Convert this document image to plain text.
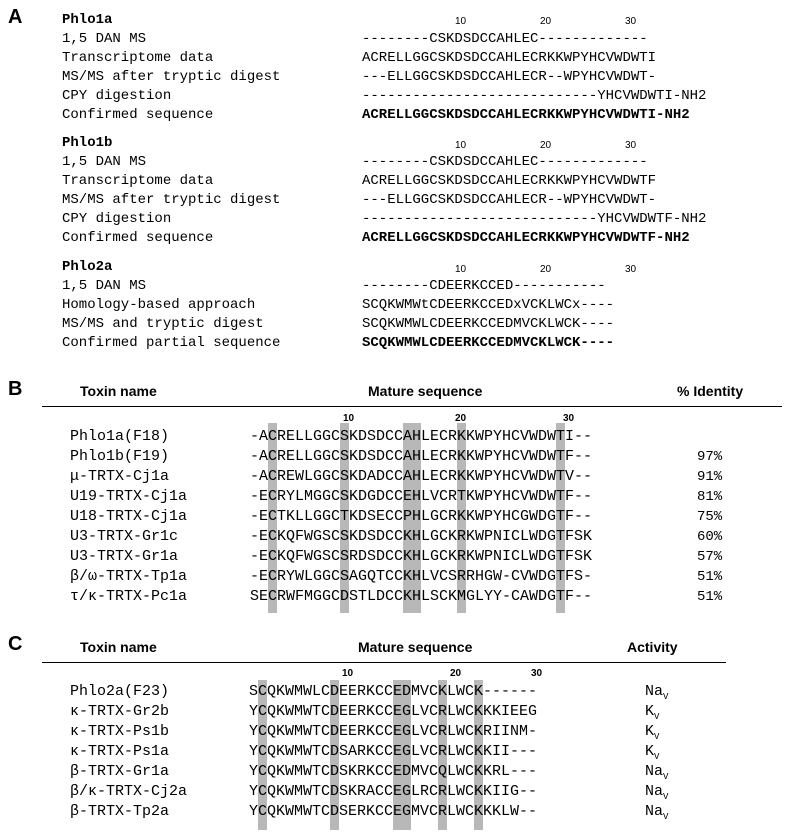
A	Phlo1a	10	20	30
1,5 DAN MS	--------CSKDSDCCAHLEC-------------
Transcriptome data	ACRELLGGCSKDSDCCAHLECRKKWPYHCVWDWTI
MS/MS after tryptic digest	---ELLGGCSKDSDCCAHLECR--WPYHCVWDWT-
CPY digestion	----------------------------YHCVWDWTI-NH2
Confirmed sequence	ACRELLGGCSKDSDCCAHLECRKKWPYHCVWDWTI-NH2
Phlo1b	10	20	30
1,5 DAN MS	--------CSKDSDCCAHLEC-------------
Transcriptome data	ACRELLGGCSKDSDCCAHLECRKKWPYHCVWDWTF
MS/MS after tryptic digest	---ELLGGCSKDSDCCAHLECR--WPYHCVWDWT-
CPY digestion	----------------------------YHCVWDWTF-NH2
Confirmed sequence	ACRELLGGCSKDSDCCAHLECRKKWPYHCVWDWTF-NH2
Phlo2a	10	20	30
1,5 DAN MS	--------CDEERKCCED-----------
Homology-based approach	SCQKWMWtCDEERKCCEDxVCKLWCx----
MS/MS and tryptic digest	SCQKWMWLCDEERKCCEDMVCKLWCK----
Confirmed partial sequence	SCQKWMWLCDEERKCCEDMVCKLWCK----
B	Toxin name	Mature sequence	% Identity
10	20	30
Phlo1a(F18)	-ACRELLGGCSKDSDCCAHLECRKKWPYHCVWDWTI--
Phlo1b(F19)	-ACRELLGGCSKDSDCCAHLECRKKWPYHCVWDWTF--	97%
μ-TRTX-Cj1a	-ACREWLGGCSKDADCCAHLECRKKWPYHCVWDWTV--	91%
U19-TRTX-Cj1a	-ECRYLMGGCSKDGDCCEHLVCRTKWPYHCVWDWTF--	81%
U18-TRTX-Cj1a	-ECTKLLGGCTKDSECCPHLGCRKKWPYHCGWDGTF--	75%
U3-TRTX-Gr1c	-ECKQFWGSCSKDSDCCKHLGCKRKWPNICLWDGTFSK	60%
U3-TRTX-Gr1a	-ECKQFWGSCSRDSDCCKHLGCKRKWPNICLWDGTFSK	57%
β/ω-TRTX-Tp1a	-ECRYWLGGCSAGQTCCKHLVCSRRHGW-CVWDGTFS-	51%
τ/κ-TRTX-Pc1a	SECRWFMGGCDSTLDCCKHLSCKMGLYY-CAWDGTF--	51%
C	Toxin name	Mature sequence	Activity
10	20	30
Phlo2a(F23)	SCQKWMWLCDEERKCCEDMVCKLWCK------	$Na_V$
κ-TRTX-Gr2b	YCQKWMWTCDEERKCCEGLVCRLWCKKKIEEG	$K_V$
κ-TRTX-Ps1b	YCQKWMWTCDEERKCCEGLVCRLWCKRIINM-	$K_V$
κ-TRTX-Ps1a	YCQKWMWTCDSARKCCEGLVCRLWCKKII---	$K_V$
β-TRTX-Gr1a	YCQKWMWTCDSKRKCCEDMVCQLWCKKRL---	$Na_V$
β/κ-TRTX-Cj2a	YCQKWMWTCDSKRACCEGLRCRLWCKKIIG--	$Na_V$
β-TRTX-Tp2a	YCQKWMWTCDSERKCCEGMVCRLWCKKKLW--	$Na_V$
